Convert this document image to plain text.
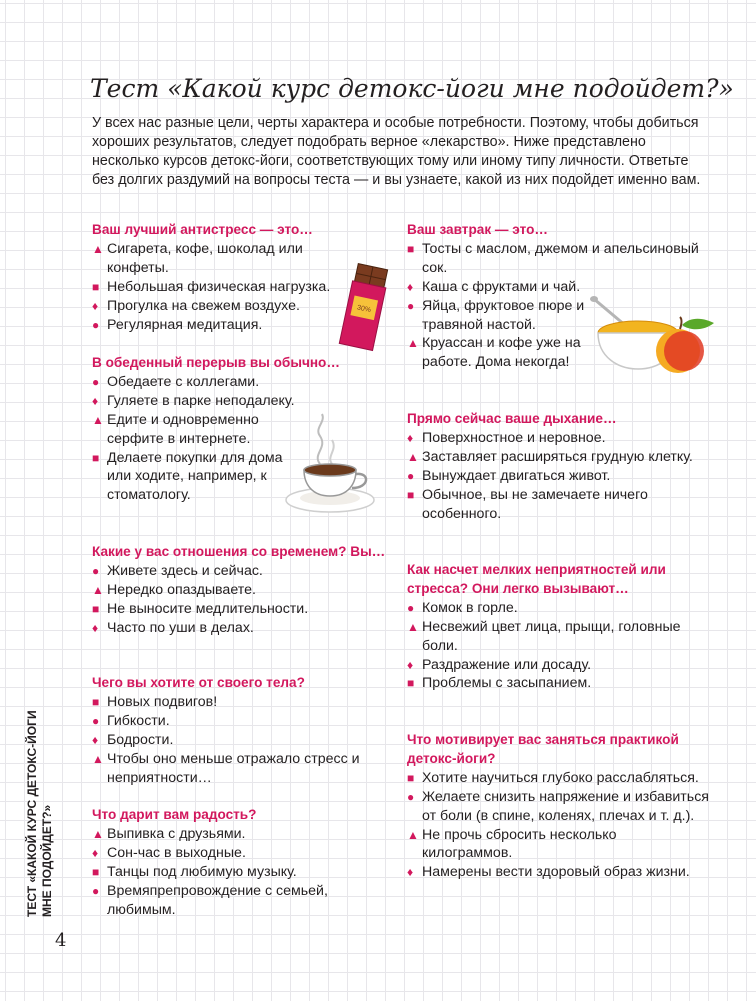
Тест «Какой курс детокс-йоги мне подойдет?»

У всех нас разные цели, черты характера и особые потребности. Поэтому, чтобы добиться хороших результатов, следует подобрать верное «лекарство». Ниже представлено несколько курсов детокс-йоги, соответствующих тому или иному типу личности. Ответьте без долгих раздумий на вопросы теста — и вы узнаете, какой из них подойдет именно вам.

Ваш лучший антистресс — это…

▲ Сигарета, кофе, шоколад или конфеты.
■ Небольшая физическая нагрузка.
♦ Прогулка на свежем воздухе.
● Регулярная медитация.

В обеденный перерыв вы обычно…

● Обедаете с коллегами.
♦ Гуляете в парке неподалеку.
▲ Едите и одновременно серфите в интернете.
■ Делаете покупки для дома или ходите, например, к стоматологу.

Какие у вас отношения со временем? Вы…

● Живете здесь и сейчас.
▲ Нередко опаздываете.
■ Не выносите медлительности.
♦ Часто по уши в делах.

Чего вы хотите от своего тела?

■ Новых подвигов!
● Гибкости.
♦ Бодрости.
▲ Чтобы оно меньше отражало стресс и неприятности…

Что дарит вам радость?

▲ Выпивка с друзьями.
♦ Сон-час в выходные.
■ Танцы под любимую музыку.
● Времяпрепровождение с семьей, любимым.

Ваш завтрак — это…

■ Тосты с маслом, джемом и апельсиновый сок.
♦ Каша с фруктами и чай.
● Яйца, фруктовое пюре и травяной настой.
▲ Круассан и кофе уже на работе. Дома некогда!

Прямо сейчас ваше дыхание…

♦ Поверхностное и неровное.
▲ Заставляет расширяться грудную клетку.
● Вынуждает двигаться живот.
■ Обычное, вы не замечаете ничего особенного.

Как насчет мелких неприятностей или стресса? Они легко вызывают…

● Комок в горле.
▲ Несвежий цвет лица, прыщи, головные боли.
♦ Раздражение или досаду.
■ Проблемы с засыпанием.

Что мотивирует вас заняться практикой детокс-йоги?

■ Хотите научиться глубоко расслабляться.
● Желаете снизить напряжение и избавиться от боли (в спине, коленях, плечах и т. д.).
▲ Не прочь сбросить несколько килограммов.
♦ Намерены вести здоровый образ жизни.
30%
ТЕСТ «КАКОЙ КУРС ДЕТОКС-ЙОГИ МНЕ ПОДОЙДЕТ?»
4
